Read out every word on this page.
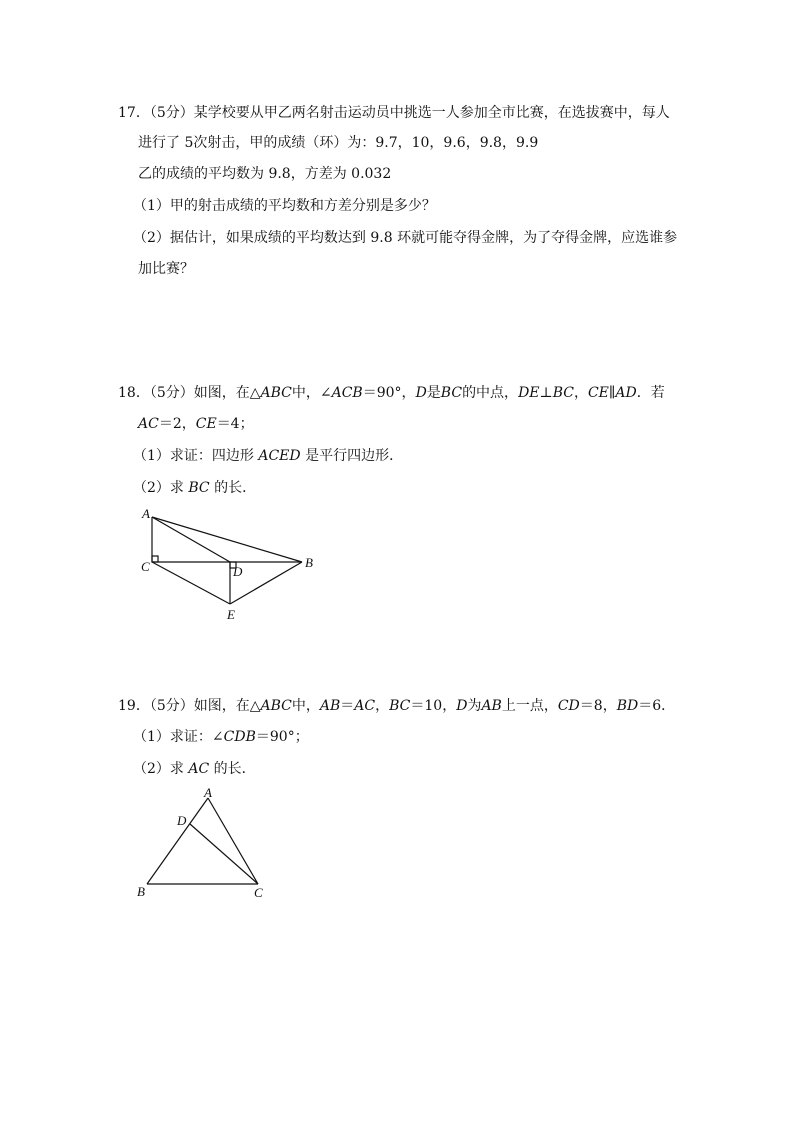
17．（5分）某学校要从甲乙两名射击运动员中挑选一人参加全市比赛，在选拔赛中，每人
进行了 5次射击，甲的成绩（环）为：9.7，10，9.6，9.8，9.9
乙的成绩的平均数为 9.8，方差为 0.032
（1）甲的射击成绩的平均数和方差分别是多少？
（2）据估计，如果成绩的平均数达到 9.8 环就可能夺得金牌，为了夺得金牌，应选谁参
加比赛？
18．（5分）如图，在△ABC中，∠ACB＝90°，D是BC的中点，DE⊥BC，CE∥AD．若
AC＝2，CE＝4；
（1）求证：四边形 ACED 是平行四边形．
（2）求 BC 的长．
A
C	D
B
E
19．（5分）如图，在△ABC中，AB＝AC，BC＝10，D为AB上一点，CD＝8，BD＝6．
（1）求证：∠CDB＝90°；
（2）求 AC 的长．
A
D
B	C
